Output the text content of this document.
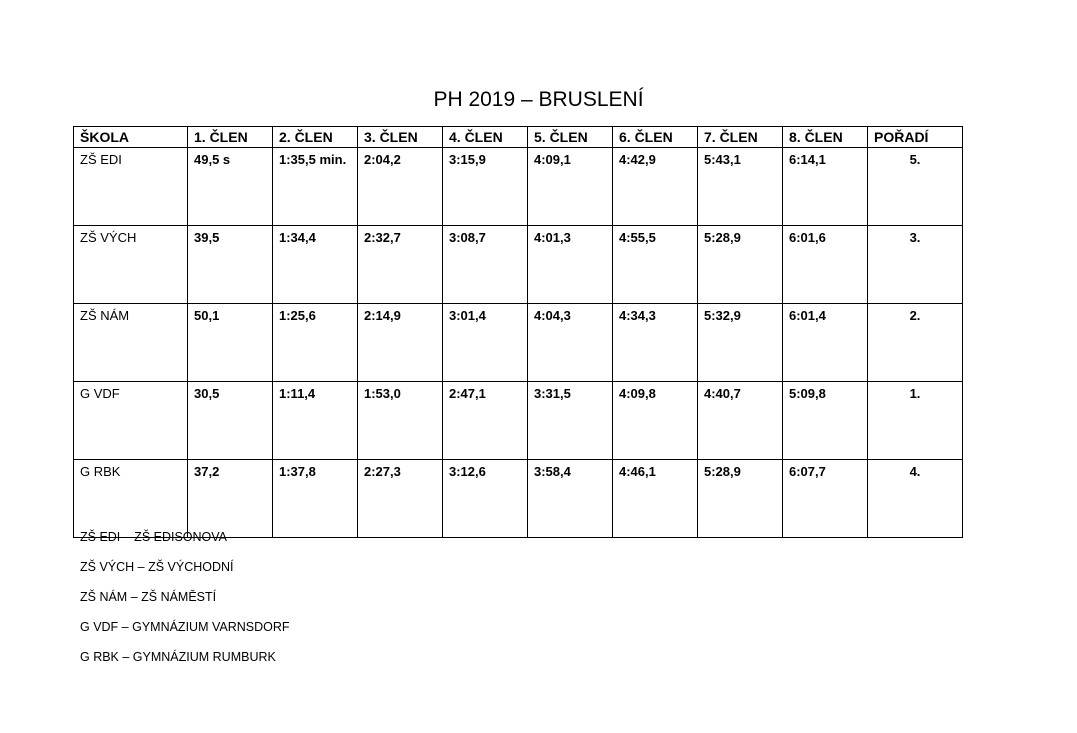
PH 2019 – BRUSLENÍ
ŠKOLA	1. ČLEN	2. ČLEN	3. ČLEN	4. ČLEN	5. ČLEN	6. ČLEN	7. ČLEN	8. ČLEN	POŘADÍ
ZŠ EDI	49,5 s	1:35,5 min.	2:04,2	3:15,9	4:09,1	4:42,9	5:43,1	6:14,1	5.
ZŠ VÝCH	39,5	1:34,4	2:32,7	3:08,7	4:01,3	4:55,5	5:28,9	6:01,6	3.
ZŠ NÁM	50,1	1:25,6	2:14,9	3:01,4	4:04,3	4:34,3	5:32,9	6:01,4	2.
G VDF	30,5	1:11,4	1:53,0	2:47,1	3:31,5	4:09,8	4:40,7	5:09,8	1.
G RBK	37,2	1:37,8	2:27,3	3:12,6	3:58,4	4:46,1	5:28,9	6:07,7	4.
ZŠ EDI – ZŠ EDISONOVA
ZŠ VÝCH – ZŠ VÝCHODNÍ
ZŠ NÁM – ZŠ NÁMĚSTÍ
G VDF – GYMNÁZIUM VARNSDORF
G RBK – GYMNÁZIUM RUMBURK
